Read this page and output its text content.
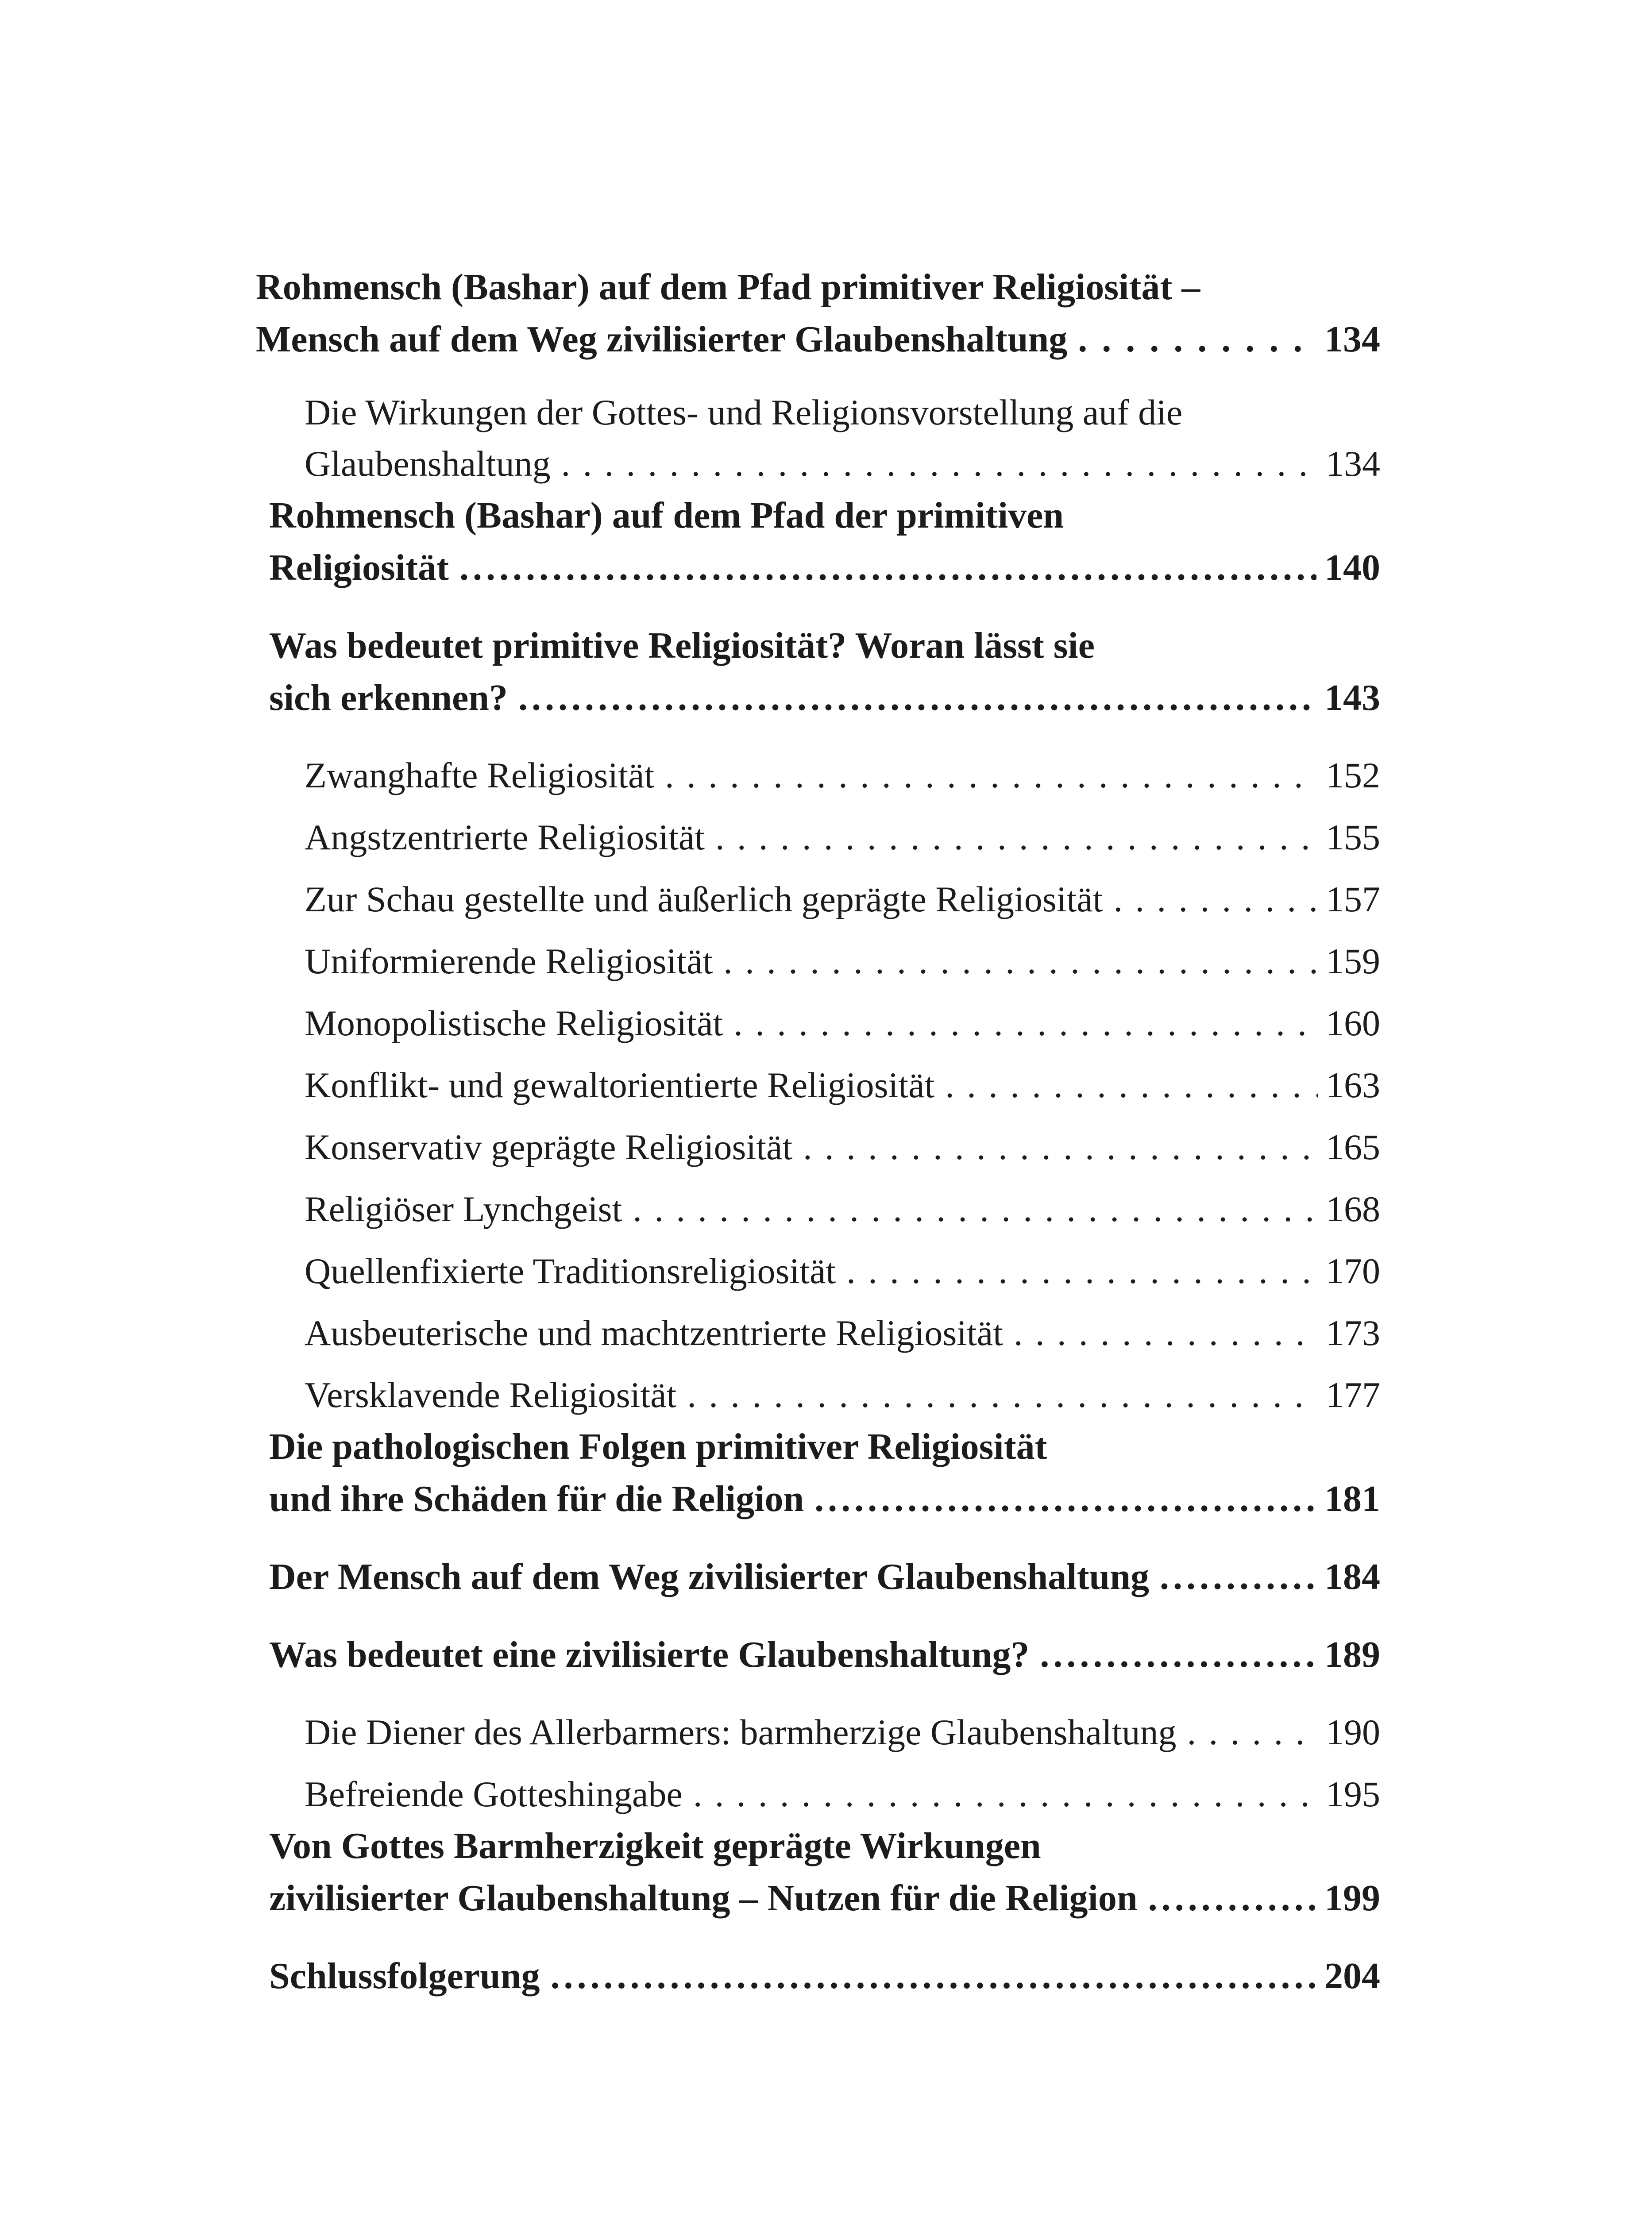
Rohmensch (Bashar) auf dem Pfad primitiver Religiosität –
Mensch auf dem Weg zivilisierter Glaubenshaltung . . .	134
Die Wirkungen der Gottes- und Religionsvorstellung auf die
Glaubenshaltung . . .	134
Rohmensch (Bashar) auf dem Pfad der primitiven
Religiosität . . .	140
Was bedeutet primitive Religiosität? Woran lässt sie
sich erkennen? . . .	143
Zwanghafte Religiosität . . .	152
Angstzentrierte Religiosität . . .	155
Zur Schau gestellte und äußerlich geprägte Religiosität . . .	157
Uniformierende Religiosität . . .	159
Monopolistische Religiosität . . .	160
Konflikt- und gewaltorientierte Religiosität . . .	163
Konservativ geprägte Religiosität . . .	165
Religiöser Lynchgeist . . .	168
Quellenfixierte Traditionsreligiosität . . .	170
Ausbeuterische und machtzentrierte Religiosität . . .	173
Versklavende Religiosität . . .	177
Die pathologischen Folgen primitiver Religiosität
und ihre Schäden für die Religion . . .	181
Der Mensch auf dem Weg zivilisierter Glaubenshaltung . . .	184
Was bedeutet eine zivilisierte Glaubenshaltung? . . .	189
Die Diener des Allerbarmers: barmherzige Glaubenshaltung . . .	190
Befreiende Gotteshingabe . . .	195
Von Gottes Barmherzigkeit geprägte Wirkungen
zivilisierter Glaubenshaltung – Nutzen für die Religion . . .	199
Schlussfolgerung . . .	204
